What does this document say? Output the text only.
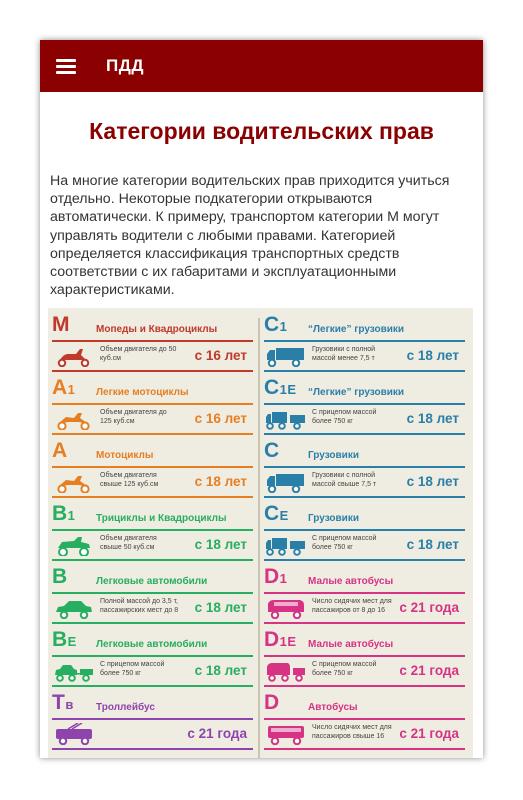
ПДД
Категории водительских прав

На многие категории водительских прав приходится учиться отдельно. Некоторые подкатегории открываются автоматически. К примеру, транспортом категории М могут управлять водители с любыми правами. Категорией определяется классификация транспортных средств соответствии с их габаритами и эксплуатационными характеристиками.

M	Мопеды и Квадроциклы
Объем двигателя до 50 куб.см	с 16 лет
A1	Легкие мотоциклы
Объем двигателя до 125 куб.см	с 16 лет
A	Мотоциклы
Объем двигателя свыше 125 куб.см	с 18 лет
B1	Трициклы и Квадроциклы
Объем двигателя свыше 50 куб.см	с 18 лет
B	Легковые автомобили
Полной массой до 3,5 т, пассажирских мест до 8 с 18 лет
BE	Легковые автомобили
С прицепом массой более 750 кг	с 18 лет
Tв	Троллейбус
с 21 года
C1	“Легкие” грузовики
Грузовики с полной массой менее 7,5 т	с 18 лет
C1E	“Легкие” грузовики
С прицепом массой более 750 кг	с 18 лет
C	Грузовики
Грузовики с полной массой свыше 7,5 т	с 18 лет
CE	Грузовики
С прицепом массой более 750 кг	с 18 лет
D1	Малые автобусы
Число сидячих мест для пассажиров от 8 до 16	с 21 года
D1E	Малые автобусы
С прицепом массой более 750 кг	с 21 года
D	Автобусы
Число сидячих мест для пассажиров свыше 16	с 21 года
